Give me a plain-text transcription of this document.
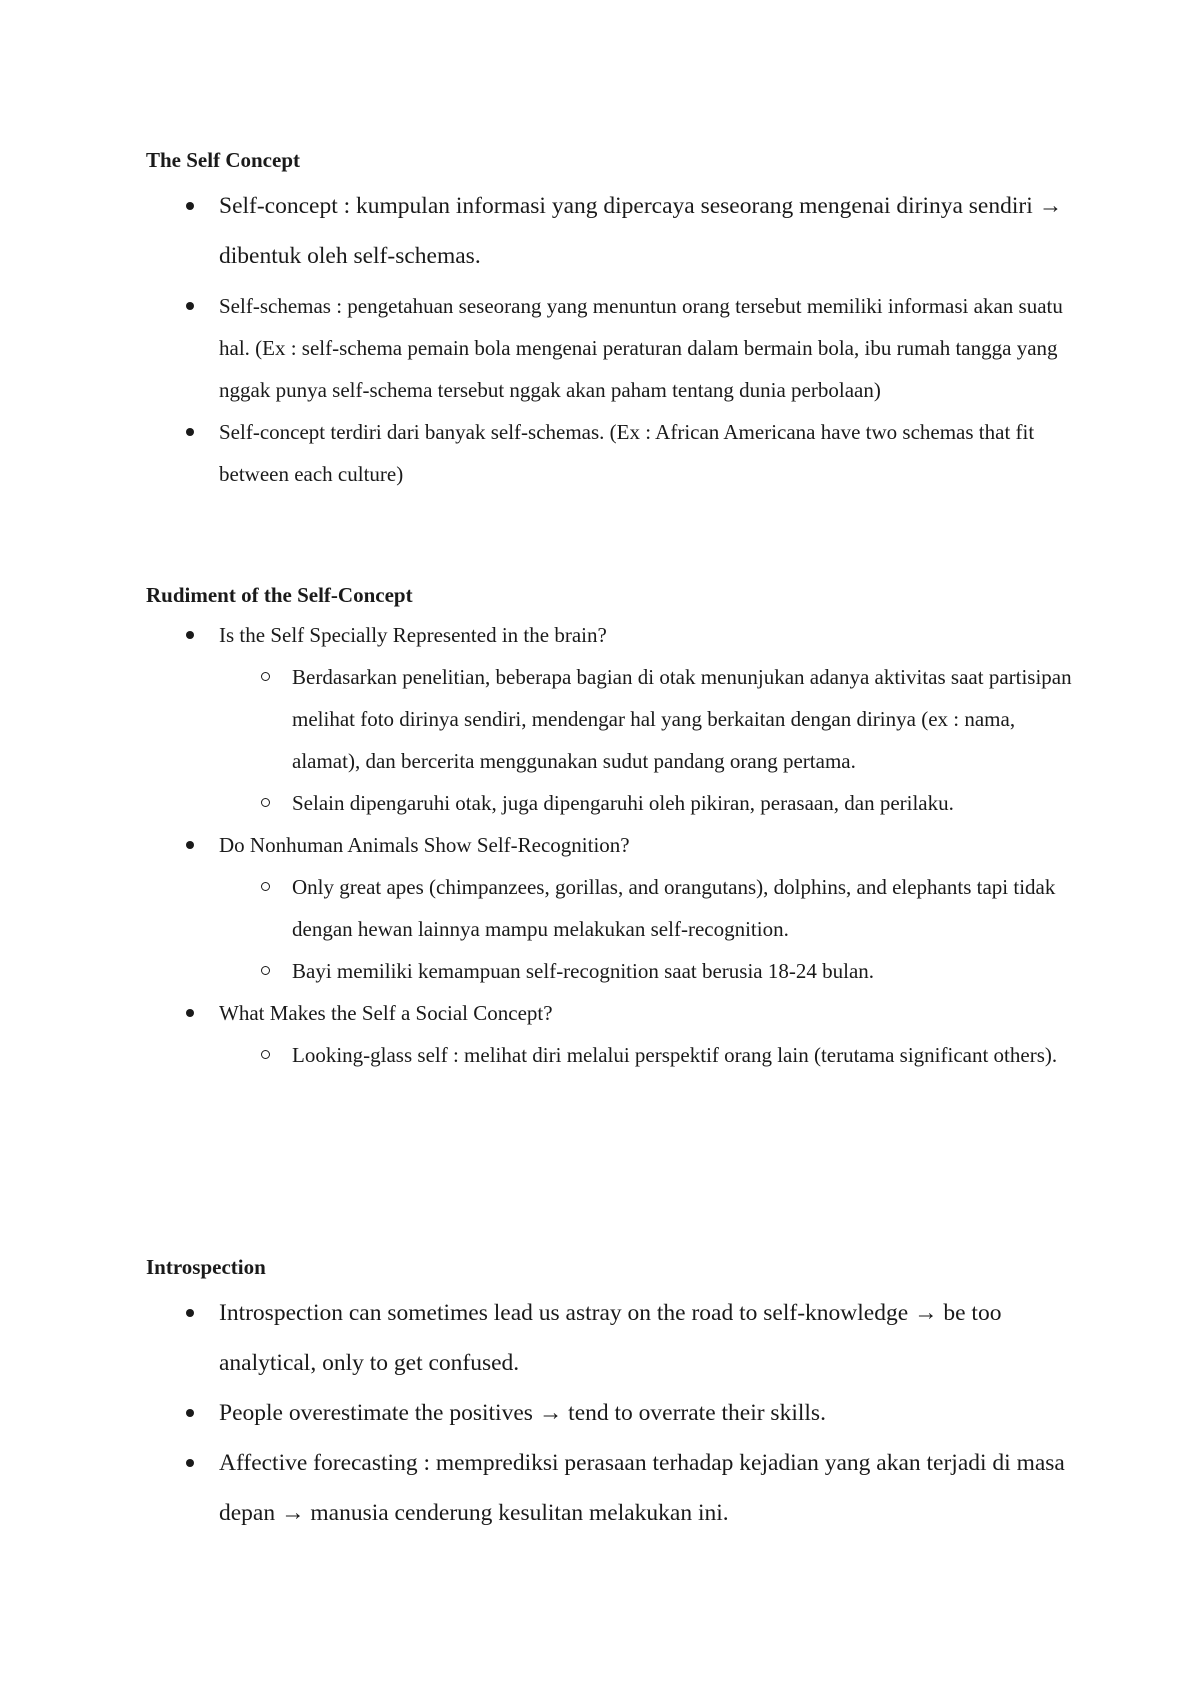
The Self Concept

Self-concept : kumpulan informasi yang dipercaya seseorang mengenai dirinya sendiri → dibentuk oleh self-schemas.
Self-schemas : pengetahuan seseorang yang menuntun orang tersebut memiliki informasi akan suatu hal. (Ex : self-schema pemain bola mengenai peraturan dalam bermain bola, ibu rumah tangga yang nggak punya self-schema tersebut nggak akan paham tentang dunia perbolaan)
Self-concept terdiri dari banyak self-schemas. (Ex : African Americana have two schemas that fit between each culture)

Rudiment of the Self-Concept

Is the Self Specially Represented in the brain?
Berdasarkan penelitian, beberapa bagian di otak menunjukan adanya aktivitas saat partisipan melihat foto dirinya sendiri, mendengar hal yang berkaitan dengan dirinya (ex : nama, alamat), dan bercerita menggunakan sudut pandang orang pertama.
Selain dipengaruhi otak, juga dipengaruhi oleh pikiran, perasaan, dan perilaku.
Do Nonhuman Animals Show Self-Recognition?
Only great apes (chimpanzees, gorillas, and orangutans), dolphins, and elephants tapi tidak dengan hewan lainnya mampu melakukan self-recognition.
Bayi memiliki kemampuan self-recognition saat berusia 18-24 bulan.
What Makes the Self a Social Concept?
Looking-glass self : melihat diri melalui perspektif orang lain (terutama significant others).

Introspection

Introspection can sometimes lead us astray on the road to self-knowledge → be too analytical, only to get confused.
People overestimate the positives → tend to overrate their skills.
Affective forecasting : memprediksi perasaan terhadap kejadian yang akan terjadi di masa depan → manusia cenderung kesulitan melakukan ini.
